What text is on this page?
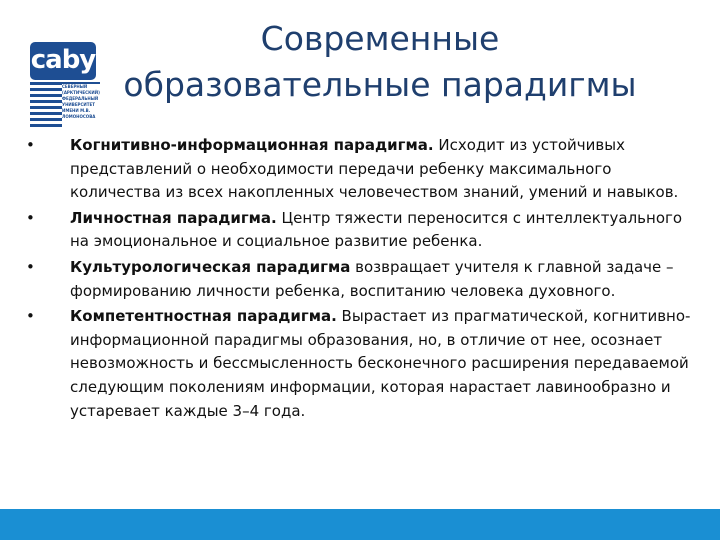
caby
СЕВЕРНЫЙ (АРКТИЧЕСКИЙ) ФЕДЕРАЛЬНЫЙ УНИВЕРСИТЕТ ИМЕНИ М.В. ЛОМОНОСОВА
Современные
образовательные парадигмы

•	Когнитивно-информационная парадигма. Исходит из устойчивых представлений о необходимости передачи ребенку максимального количества из всех накопленных человечеством знаний, умений и навыков.

•	Личностная парадигма. Центр тяжести переносится с интеллектуального на эмоциональное и социальное развитие ребенка.

•	Культурологическая парадигма возвращает учителя к главной задаче – формированию личности ребенка, воспитанию человека духовного.

•	Компетентностная парадигма. Вырастает из прагматической, когнитивно-информационной парадигмы образования, но, в отличие от нее, осознает невозможность и бессмысленность бесконечного расширения передаваемой следующим поколениям информации, которая нарастает лавинообразно и устаревает каждые 3–4 года.
